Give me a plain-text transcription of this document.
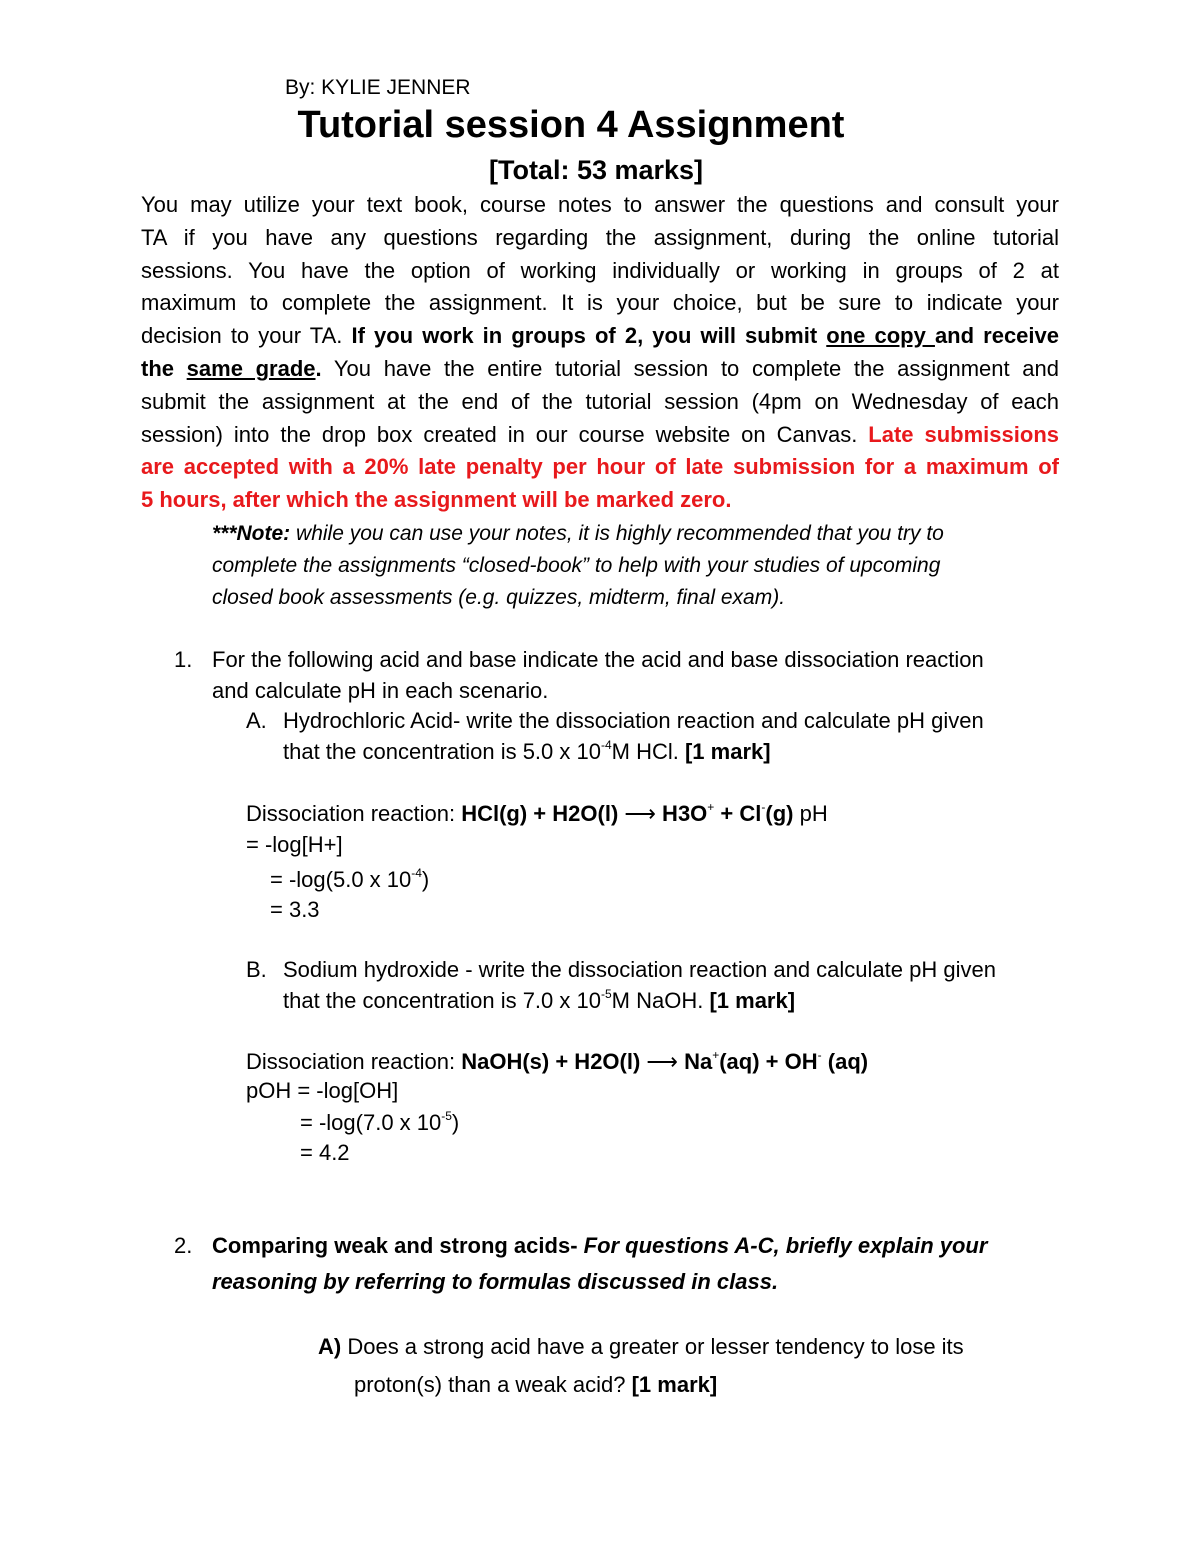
By: KYLIE JENNER
Tutorial session 4 Assignment
[Total: 53 marks]
You may utilize your text book, course notes to answer the questions and consult your
TA if you have any questions regarding the assignment, during the online tutorial
sessions. You have the option of working individually or working in groups of 2 at
maximum to complete the assignment. It is your choice, but be sure to indicate your
decision to your TA. If you work in groups of 2, you will submit one copy and receive
the same grade. You have the entire tutorial session to complete the assignment and
submit the assignment at the end of the tutorial session (4pm on Wednesday of each
session) into the drop box created in our course website on Canvas. Late submissions
are accepted with a 20% late penalty per hour of late submission for a maximum of
5 hours, after which the assignment will be marked zero.
***Note: while you can use your notes, it is highly recommended that you try to
complete the assignments “closed-book” to help with your studies of upcoming
closed book assessments (e.g. quizzes, midterm, final exam).
1. For the following acid and base indicate the acid and base dissociation reaction
and calculate pH in each scenario.
A. Hydrochloric Acid- write the dissociation reaction and calculate pH given
that the concentration is 5.0 x $10^{-4}M$ HCl. [1 mark]
Dissociation reaction: HCl(g) + H2O(l) ⟶ H3O+ + Cl-(g) pH
= -log[H+]
= -log(5.0 x $10^{-4}$)
= 3.3
B. Sodium hydroxide - write the dissociation reaction and calculate pH given
that the concentration is 7.0 x $10^{-5}M$ NaOH. [1 mark]
Dissociation reaction: NaOH(s) + H2O(l) ⟶ Na+(aq) + OH- (aq)
pOH = -log[OH]
= -log(7.0 x $10^{-5}$)
= 4.2
2. Comparing weak and strong acids- For questions A-C, briefly explain your
reasoning by referring to formulas discussed in class.
A) Does a strong acid have a greater or lesser tendency to lose its
proton(s) than a weak acid? [1 mark]
